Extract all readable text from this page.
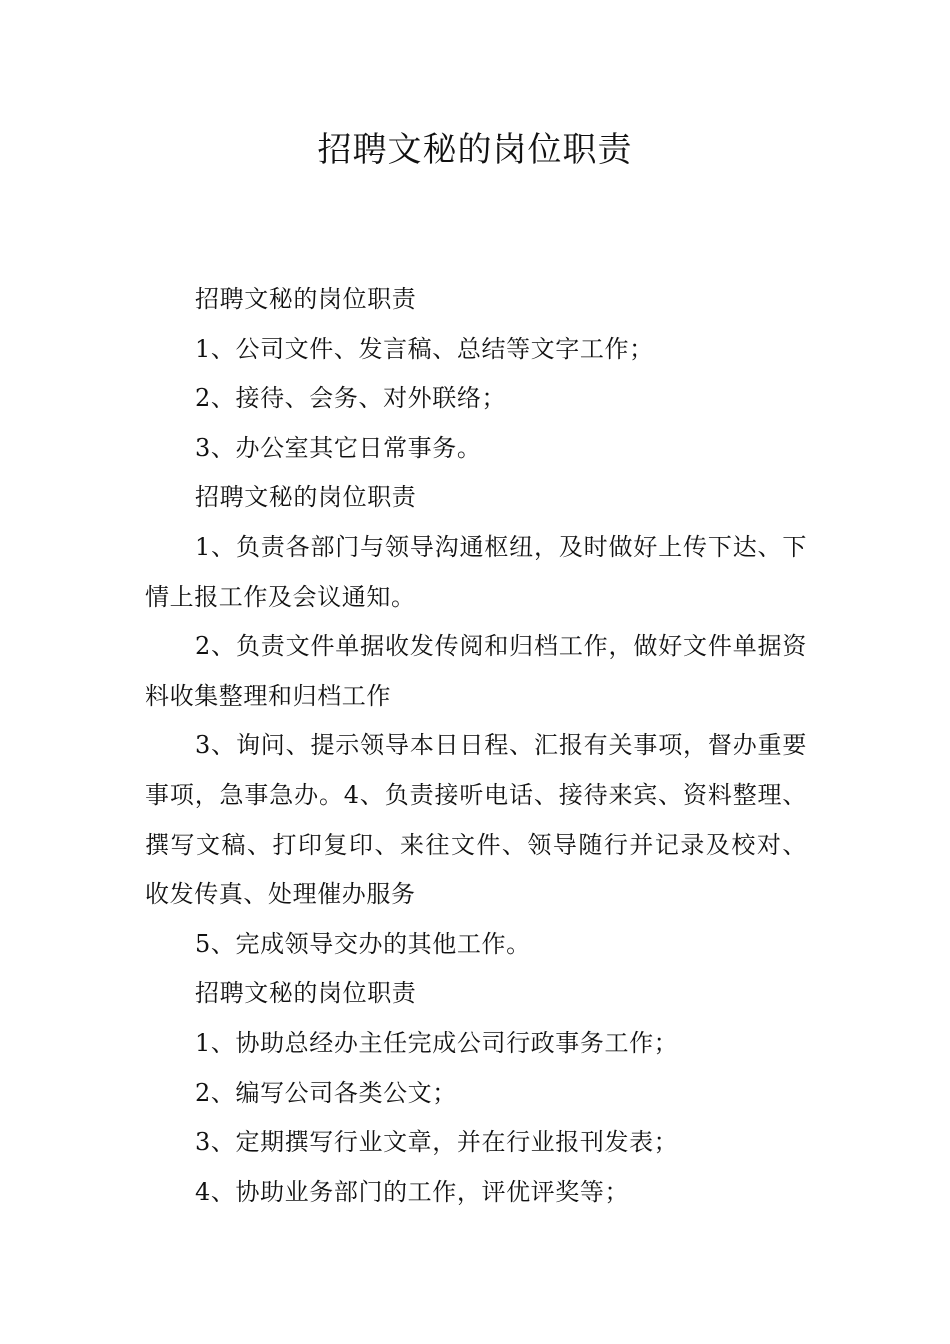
招聘文秘的岗位职责

招聘文秘的岗位职责

1、公司文件、发言稿、总结等文字工作；

2、接待、会务、对外联络；

3、办公室其它日常事务。

招聘文秘的岗位职责

1、负责各部门与领导沟通枢纽，及时做好上传下达、下情上报工作及会议通知。

2、负责文件单据收发传阅和归档工作，做好文件单据资料收集整理和归档工作

3、询问、提示领导本日日程、汇报有关事项，督办重要事项，急事急办。4、负责接听电话、接待来宾、资料整理、撰写文稿、打印复印、来往文件、领导随行并记录及校对、收发传真、处理催办服务

5、完成领导交办的其他工作。

招聘文秘的岗位职责

1、协助总经办主任完成公司行政事务工作；

2、编写公司各类公文；

3、定期撰写行业文章，并在行业报刊发表；

4、协助业务部门的工作，评优评奖等；
